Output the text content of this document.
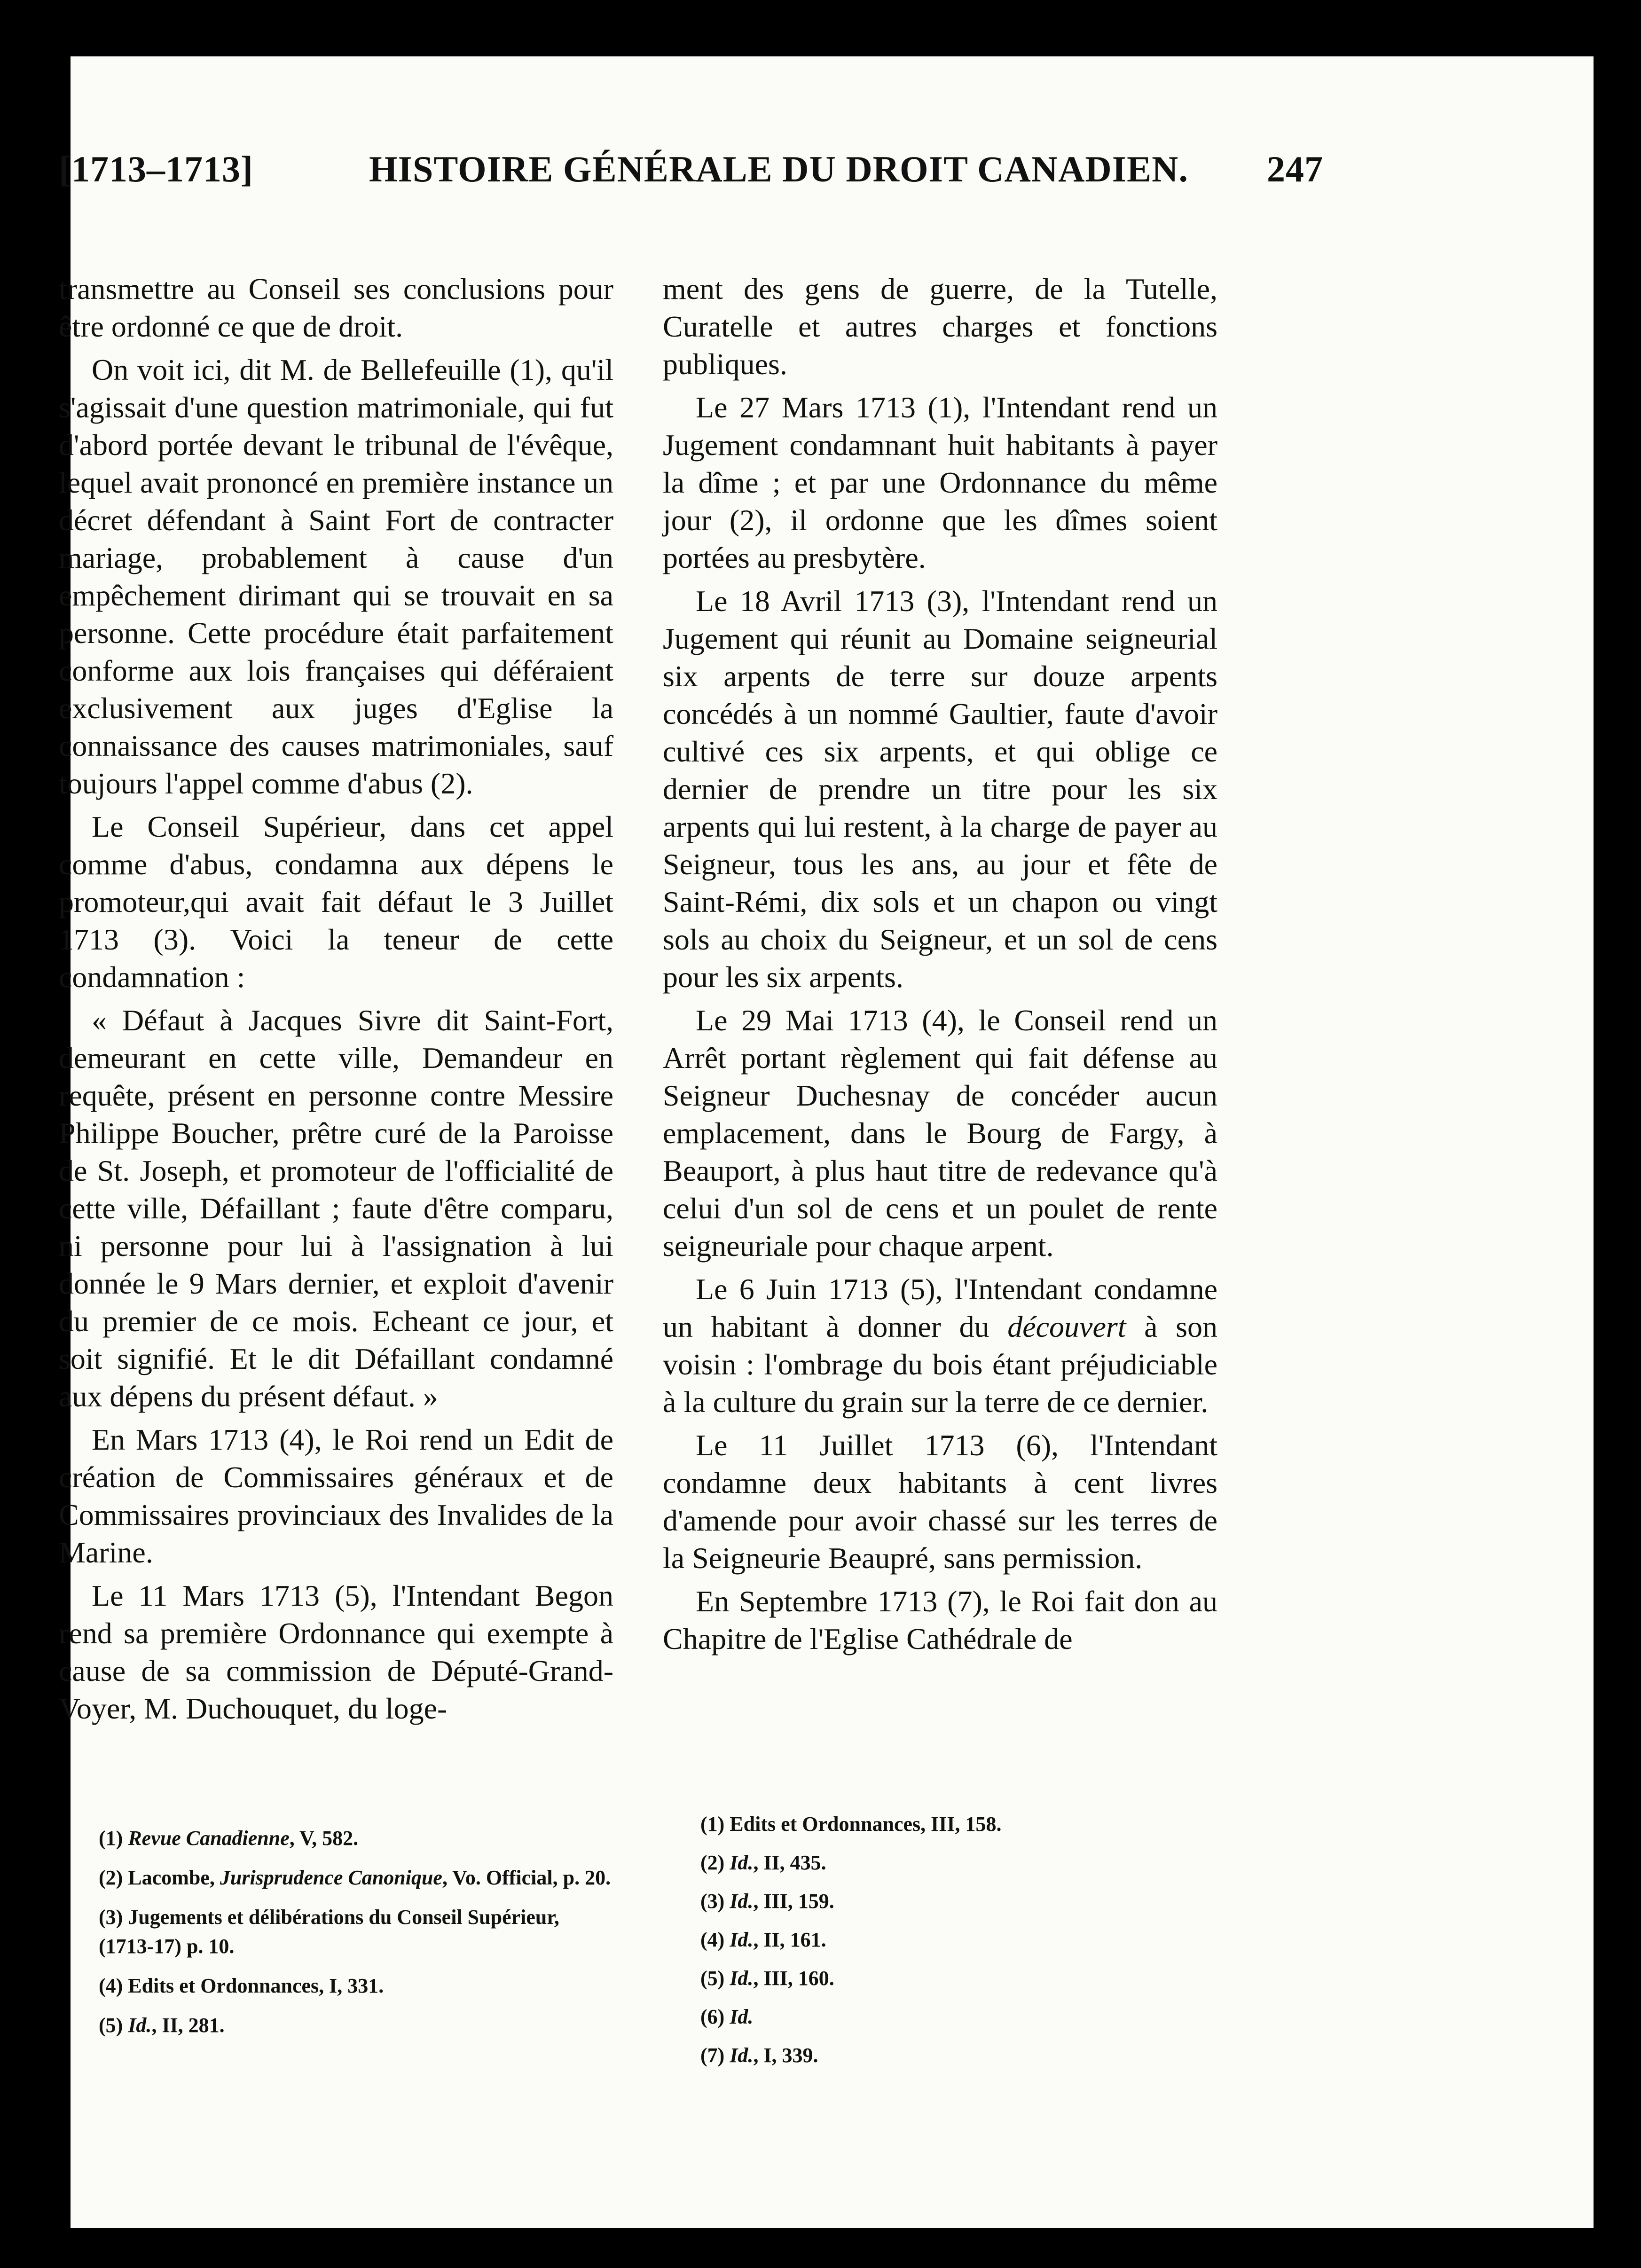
[1713–1713]	HISTOIRE GÉNÉRALE DU DROIT CANADIEN. 247

transmettre au Conseil ses conclusions pour être ordonné ce que de droit.

On voit ici, dit M. de Bellefeuille (1), qu'il s'agissait d'une question matrimoniale, qui fut d'abord portée devant le tribunal de l'évêque, lequel avait prononcé en première instance un décret défendant à Saint Fort de contracter mariage, probablement à cause d'un empêchement dirimant qui se trouvait en sa personne. Cette procédure était parfaitement conforme aux lois françaises qui déféraient exclusivement aux juges d'Eglise la connaissance des causes matrimoniales, sauf toujours l'appel comme d'abus (2).

Le Conseil Supérieur, dans cet appel comme d'abus, condamna aux dépens le promoteur,qui avait fait défaut le 3 Juillet 1713 (3). Voici la teneur de cette condamnation :

« Défaut à Jacques Sivre dit Saint-Fort, demeurant en cette ville, Demandeur en requête, présent en personne contre Messire Philippe Boucher, prêtre curé de la Paroisse de St. Joseph, et promoteur de l'officialité de cette ville, Défaillant ; faute d'être comparu, ni personne pour lui à l'assignation à lui donnée le 9 Mars dernier, et exploit d'avenir du premier de ce mois. Echeant ce jour, et soit signifié. Et le dit Défaillant condamné aux dépens du présent défaut. »

En Mars 1713 (4), le Roi rend un Edit de création de Commissaires généraux et de Commissaires provinciaux des Invalides de la Marine.

Le 11 Mars 1713 (5), l'Intendant Begon rend sa première Ordonnance qui exempte à cause de sa commission de Député-Grand-Voyer, M. Duchouquet, du loge-

ment des gens de guerre, de la Tutelle, Curatelle et autres charges et fonctions publiques.

Le 27 Mars 1713 (1), l'Intendant rend un Jugement condamnant huit habitants à payer la dîme ; et par une Ordonnance du même jour (2), il ordonne que les dîmes soient portées au presbytère.

Le 18 Avril 1713 (3), l'Intendant rend un Jugement qui réunit au Domaine seigneurial six arpents de terre sur douze arpents concédés à un nommé Gaultier, faute d'avoir cultivé ces six arpents, et qui oblige ce dernier de prendre un titre pour les six arpents qui lui restent, à la charge de payer au Seigneur, tous les ans, au jour et fête de Saint-Rémi, dix sols et un chapon ou vingt sols au choix du Seigneur, et un sol de cens pour les six arpents.

Le 29 Mai 1713 (4), le Conseil rend un Arrêt portant règlement qui fait défense au Seigneur Duchesnay de concéder aucun emplacement, dans le Bourg de Fargy, à Beauport, à plus haut titre de redevance qu'à celui d'un sol de cens et un poulet de rente seigneuriale pour chaque arpent.

Le 6 Juin 1713 (5), l'Intendant condamne un habitant à donner du découvert à son voisin : l'ombrage du bois étant préjudiciable à la culture du grain sur la terre de ce dernier.

Le 11 Juillet 1713 (6), l'Intendant condamne deux habitants à cent livres d'amende pour avoir chassé sur les terres de la Seigneurie Beaupré, sans permission.

En Septembre 1713 (7), le Roi fait don au Chapitre de l'Eglise Cathédrale de

(1) Revue Canadienne, V, 582.
(2) Lacombe, Jurisprudence Canonique, Vo. Official, p. 20.
(3) Jugements et délibérations du Conseil Supérieur, (1713-17) p. 10.
(4) Edits et Ordonnances, I, 331.
(5) Id., II, 281.
(1) Edits et Ordonnances, III, 158.
(2) Id., II, 435.
(3) Id., III, 159.
(4) Id., II, 161.
(5) Id., III, 160.
(6) Id.
(7) Id., I, 339.
